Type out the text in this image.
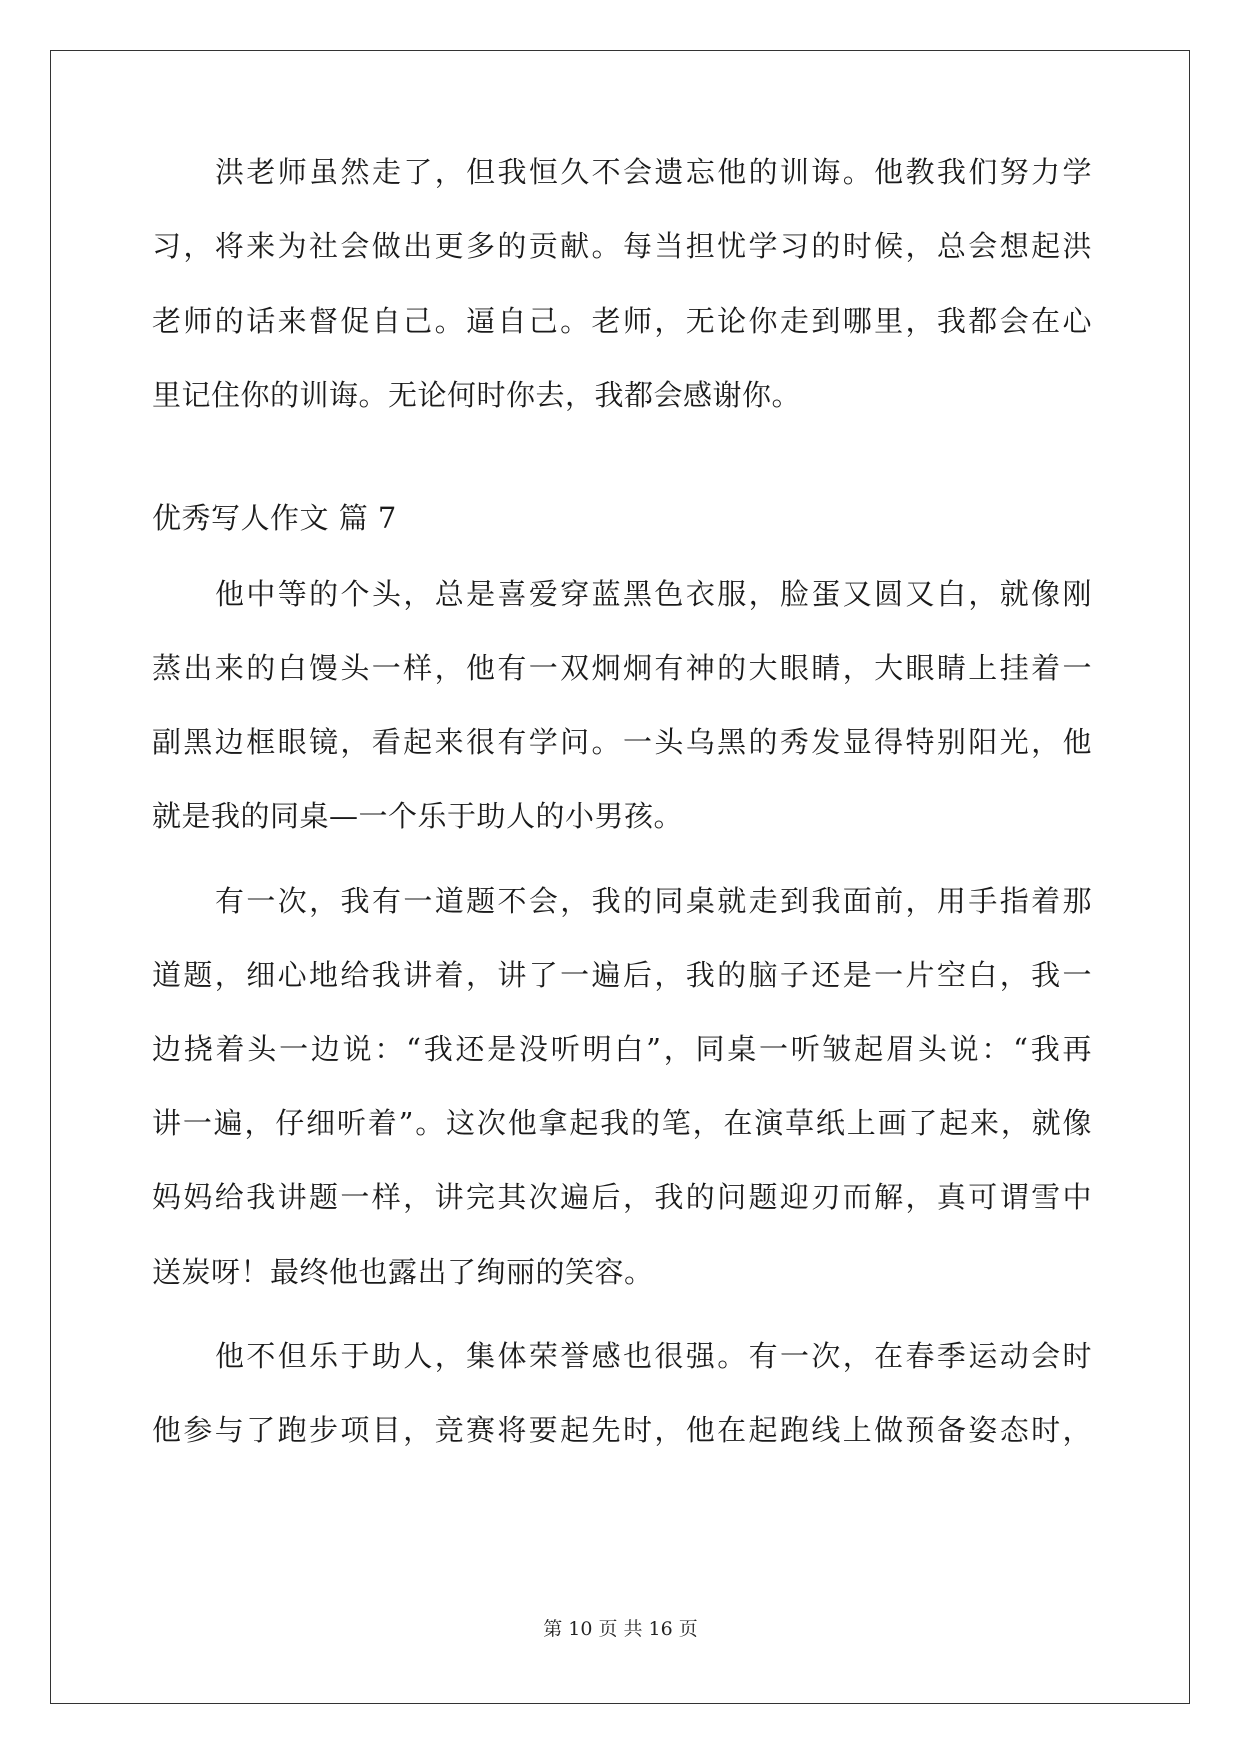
洪老师虽然走了，但我恒久不会遗忘他的训诲。他教我们努力学
习，将来为社会做出更多的贡献。每当担忧学习的时候，总会想起洪
老师的话来督促自己。逼自己。老师，无论你走到哪里，我都会在心
里记住你的训诲。无论何时你去，我都会感谢你。
优秀写人作文 篇 7
他中等的个头，总是喜爱穿蓝黑色衣服，脸蛋又圆又白，就像刚
蒸出来的白馒头一样，他有一双炯炯有神的大眼睛，大眼睛上挂着一
副黑边框眼镜，看起来很有学问。一头乌黑的秀发显得特别阳光，他
就是我的同桌—一个乐于助人的小男孩。
有一次，我有一道题不会，我的同桌就走到我面前，用手指着那
道题，细心地给我讲着，讲了一遍后，我的脑子还是一片空白，我一
边挠着头一边说：“我还是没听明白”，同桌一听皱起眉头说：“我再
讲一遍，仔细听着”。这次他拿起我的笔，在演草纸上画了起来，就像
妈妈给我讲题一样，讲完其次遍后，我的问题迎刃而解，真可谓雪中
送炭呀！最终他也露出了绚丽的笑容。
他不但乐于助人，集体荣誉感也很强。有一次，在春季运动会时
他参与了跑步项目，竞赛将要起先时，他在起跑线上做预备姿态时，
第 10 页 共 16 页
